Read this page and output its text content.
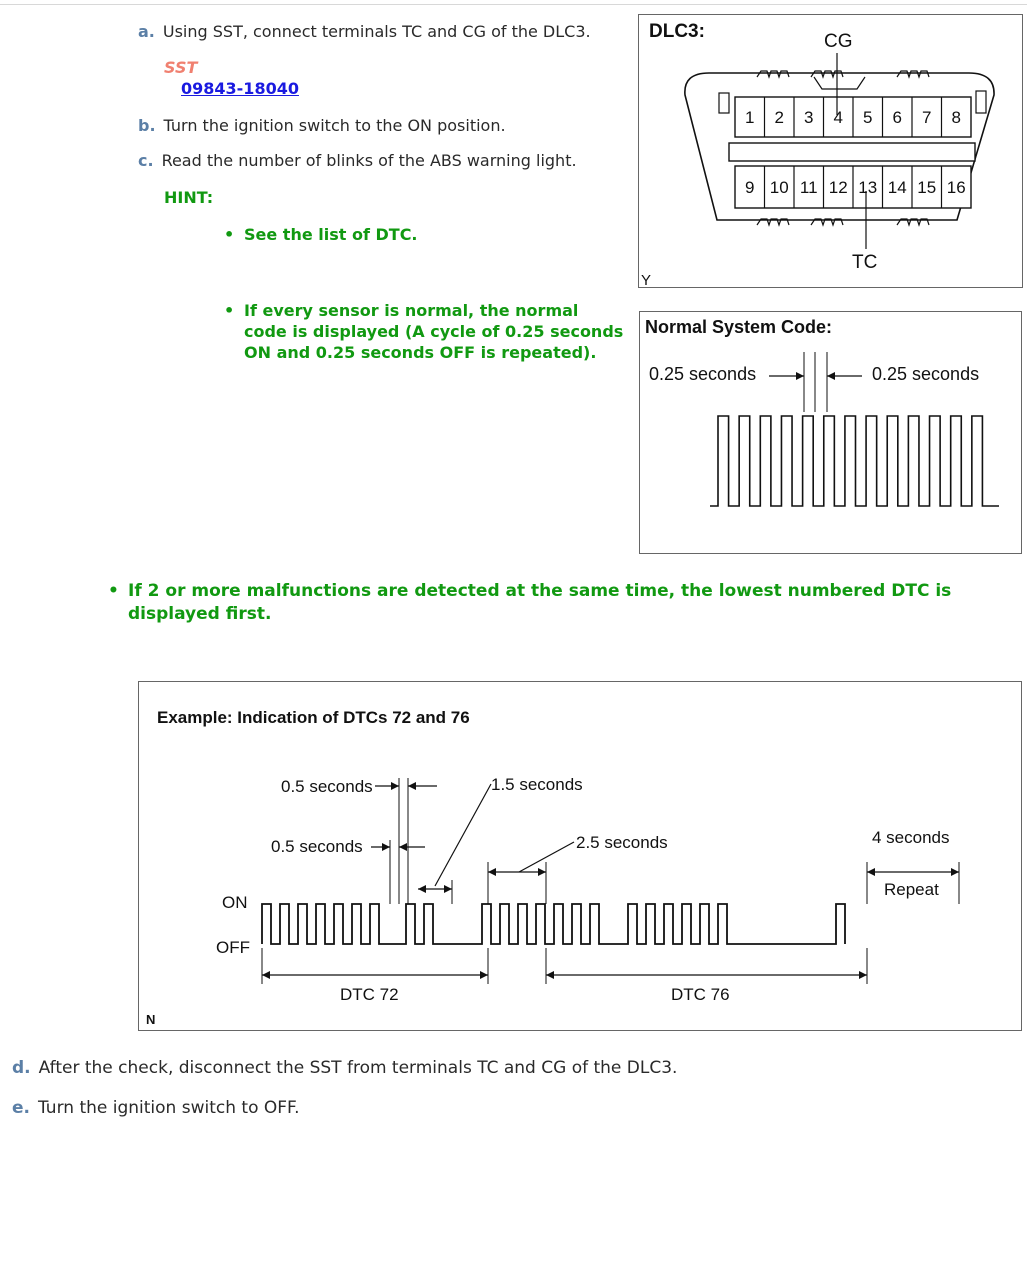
a. Using SST, connect terminals TC and CG of the DLC3.
SST
09843-18040
b. Turn the ignition switch to the ON position.
c. Read the number of blinks of the ABS warning light.
HINT:
• See the list of DTC.
• If every sensor is normal, the normal
code is displayed (A cycle of 0.25 seconds
ON and 0.25 seconds OFF is repeated).
• If 2 or more malfunctions are detected at the same time, the lowest numbered DTC is
displayed first.
DLC3:	CG
TC
Y
1 2 3 4 5 6 7 8
9 10 11 12 13 14 15 16
Normal System Code:
0.25 seconds	0.25 seconds
Example: Indication of DTCs 72 and 76
0.5 seconds
0.5 seconds
1.5 seconds
2.5 seconds	4 seconds
Repeat
ON
OFF
DTC 72	DTC 76
N
d. After the check, disconnect the SST from terminals TC and CG of the DLC3.
e. Turn the ignition switch to OFF.
